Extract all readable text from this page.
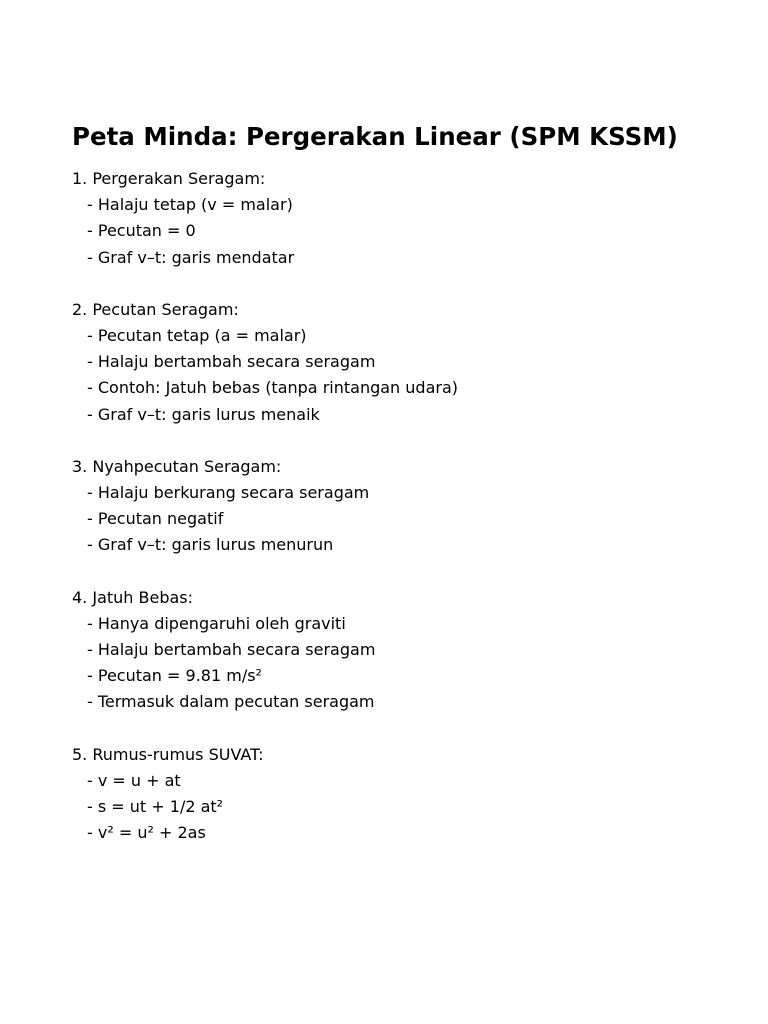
Peta Minda: Pergerakan Linear (SPM KSSM)
1. Pergerakan Seragam:
- Halaju tetap (v = malar)
- Pecutan = 0
- Graf v–t: garis mendatar
2. Pecutan Seragam:
- Pecutan tetap (a = malar)
- Halaju bertambah secara seragam
- Contoh: Jatuh bebas (tanpa rintangan udara)
- Graf v–t: garis lurus menaik
3. Nyahpecutan Seragam:
- Halaju berkurang secara seragam
- Pecutan negatif
- Graf v–t: garis lurus menurun
4. Jatuh Bebas:
- Hanya dipengaruhi oleh graviti
- Halaju bertambah secara seragam
- Pecutan = 9.81 m/s²
- Termasuk dalam pecutan seragam
5. Rumus-rumus SUVAT:
- v = u + at
- s = ut + 1/2 at²
- v² = u² + 2as
